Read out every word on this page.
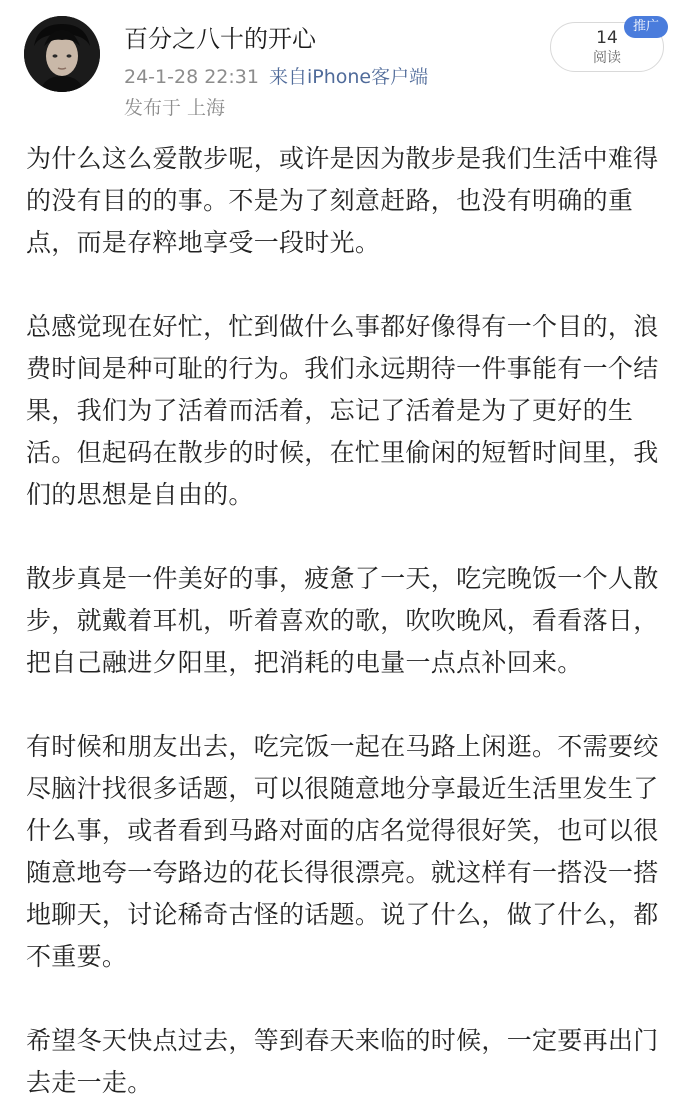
百分之八十的开心
24-1-28 22:31 来自iPhone客户端
发布于 上海
14
阅读
推广

为什么这么爱散步呢，或许是因为散步是我们生活中难得的没有目的的事。不是为了刻意赶路，也没有明确的重点，而是存粹地享受一段时光。

总感觉现在好忙，忙到做什么事都好像得有一个目的，浪费时间是种可耻的行为。我们永远期待一件事能有一个结果，我们为了活着而活着，忘记了活着是为了更好的生活。但起码在散步的时候，在忙里偷闲的短暂时间里，我们的思想是自由的。

散步真是一件美好的事，疲惫了一天，吃完晚饭一个人散步，就戴着耳机，听着喜欢的歌，吹吹晚风，看看落日，把自己融进夕阳里，把消耗的电量一点点补回来。

有时候和朋友出去，吃完饭一起在马路上闲逛。不需要绞尽脑汁找很多话题，可以很随意地分享最近生活里发生了什么事，或者看到马路对面的店名觉得很好笑，也可以很随意地夸一夸路边的花长得很漂亮。就这样有一搭没一搭地聊天，讨论稀奇古怪的话题。说了什么，做了什么，都不重要。

希望冬天快点过去，等到春天来临的时候，一定要再出门去走一走。
